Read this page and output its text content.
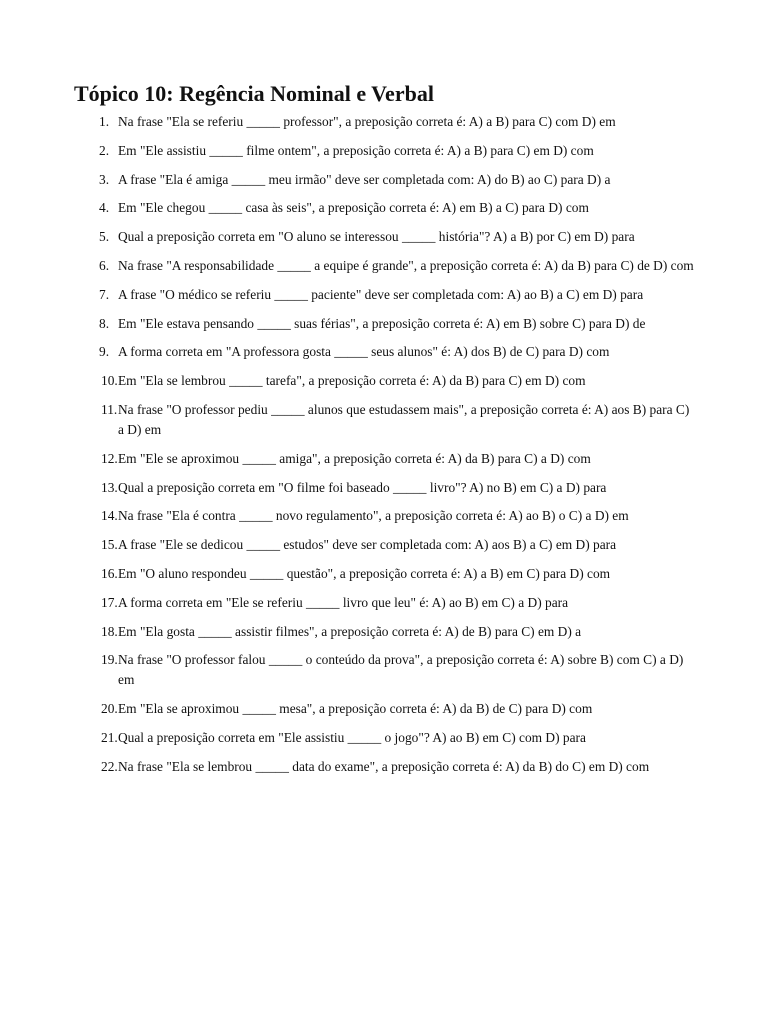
Tópico 10: Regência Nominal e Verbal
1. Na frase "Ela se referiu _____ professor", a preposição correta é: A) a B) para C) com D) em
2. Em "Ele assistiu _____ filme ontem", a preposição correta é: A) a B) para C) em D) com
3. A frase "Ela é amiga _____ meu irmão" deve ser completada com: A) do B) ao C) para D) a
4. Em "Ele chegou _____ casa às seis", a preposição correta é: A) em B) a C) para D) com
5. Qual a preposição correta em "O aluno se interessou _____ história"? A) a B) por C) em D) para
6. Na frase "A responsabilidade _____ a equipe é grande", a preposição correta é: A) da B) para C) de D) com
7. A frase "O médico se referiu _____ paciente" deve ser completada com: A) ao B) a C) em D) para
8. Em "Ele estava pensando _____ suas férias", a preposição correta é: A) em B) sobre C) para D) de
9. A forma correta em "A professora gosta _____ seus alunos" é: A) dos B) de C) para D) com
10. Em "Ela se lembrou _____ tarefa", a preposição correta é: A) da B) para C) em D) com
11. Na frase "O professor pediu _____ alunos que estudassem mais", a preposição correta é: A) aos B) para C) a D) em
12. Em "Ele se aproximou _____ amiga", a preposição correta é: A) da B) para C) a D) com
13. Qual a preposição correta em "O filme foi baseado _____ livro"? A) no B) em C) a D) para
14. Na frase "Ela é contra _____ novo regulamento", a preposição correta é: A) ao B) o C) a D) em
15. A frase "Ele se dedicou _____ estudos" deve ser completada com: A) aos B) a C) em D) para
16. Em "O aluno respondeu _____ questão", a preposição correta é: A) a B) em C) para D) com
17. A forma correta em "Ele se referiu _____ livro que leu" é: A) ao B) em C) a D) para
18. Em "Ela gosta _____ assistir filmes", a preposição correta é: A) de B) para C) em D) a
19. Na frase "O professor falou _____ o conteúdo da prova", a preposição correta é: A) sobre B) com C) a D) em
20. Em "Ela se aproximou _____ mesa", a preposição correta é: A) da B) de C) para D) com
21. Qual a preposição correta em "Ele assistiu _____ o jogo"? A) ao B) em C) com D) para
22. Na frase "Ela se lembrou _____ data do exame", a preposição correta é: A) da B) do C) em D) com
